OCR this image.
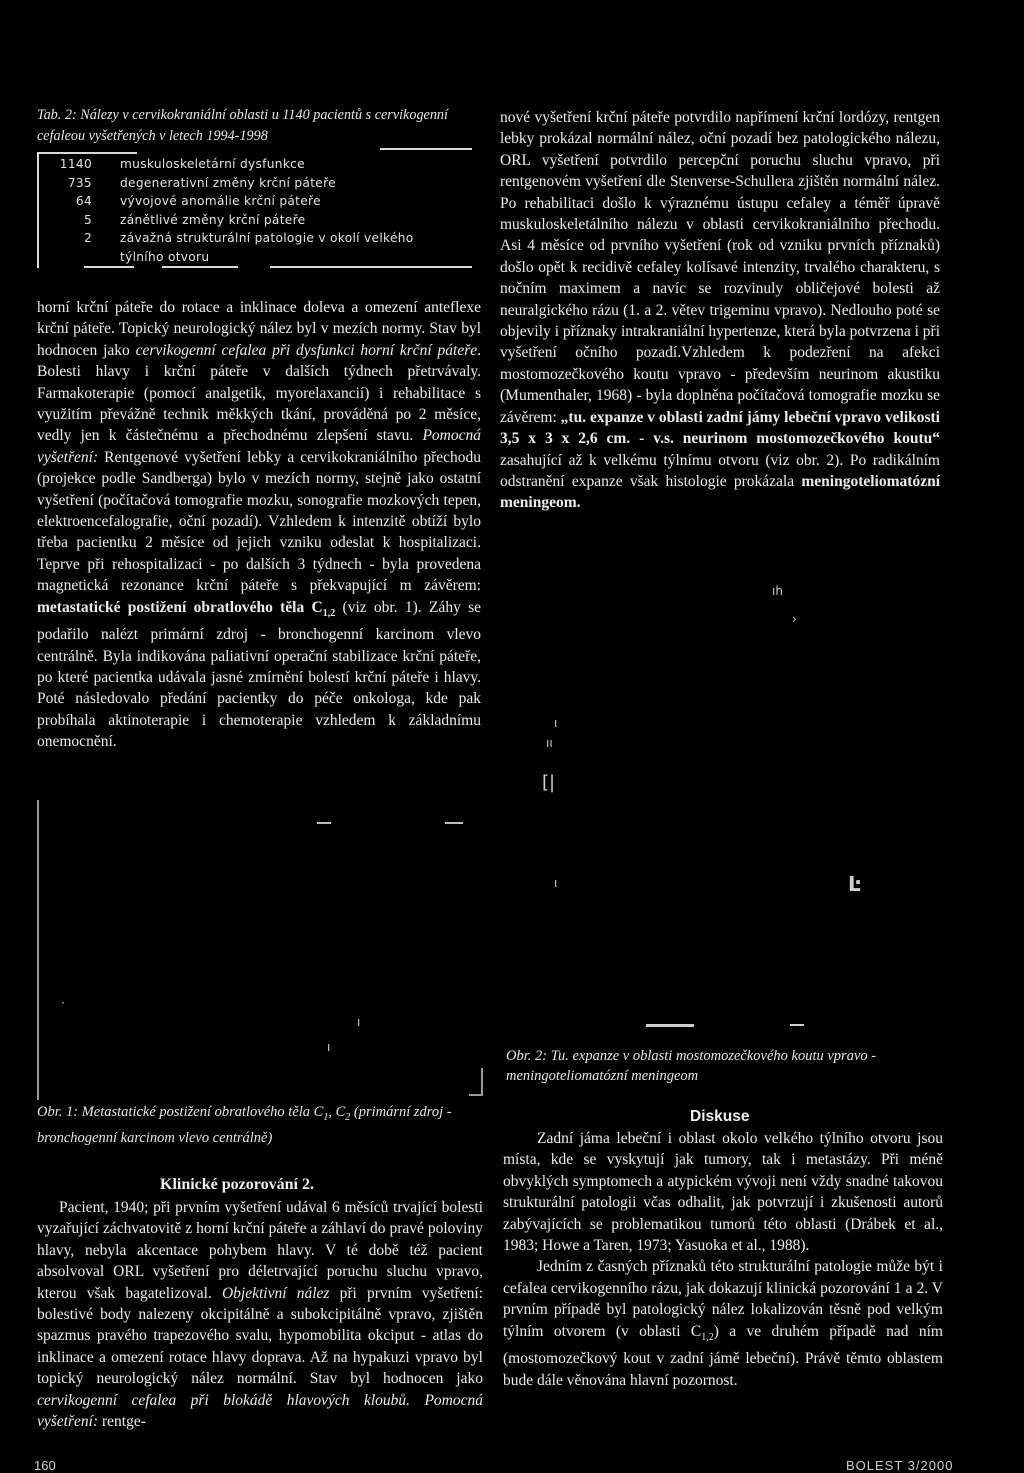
Tab. 2: Nálezy v cervikokraniální oblasti u 1140 pacientů s cervikogenní cefaleou vyšetřených v letech 1994-1998
1140	muskuloskeletární dysfunkce
735	degenerativní změny krční páteře
64	vývojové anomálie krční páteře
5	zánětlivé změny krční páteře
2	závažná strukturální patologie v okolí velkého
týlního otvoru

horní krční páteře do rotace a inklinace doleva a omezení anteflexe krční páteře. Topický neurologický nález byl v mezích normy. Stav byl hodnocen jako cervikogenní cefalea při dysfunkci horní krční páteře. Bolesti hlavy i krční páteře v dalších týdnech přetrvávaly. Farmakoterapie (pomocí analgetik, myorelaxancií) i rehabilitace s využitím převážně technik měkkých tkání, prováděná po 2 měsíce, vedly jen k částečnému a přechodnému zlepšení stavu. Pomocná vyšetření: Rentgenové vyšetření lebky a cervikokraniálního přechodu (projekce podle Sandberga) bylo v mezích normy, stejně jako ostatní vyšetření (počítačová tomografie mozku, sonografie mozkových tepen, elektroencefalografie, oční pozadí). Vzhledem k intenzitě obtíží bylo třeba pacientku 2 měsíce od jejich vzniku odeslat k hospitalizaci. Teprve při rehospitalizaci - po dalších 3 týdnech - byla provedena magnetická rezonance krční páteře s překvapující m závěrem: metastatické postižení obratlového těla $C_{1,2}$ (viz obr. 1). Záhy se podařilo nalézt primární zdroj - bronchogenní karcinom vlevo centrálně. Byla indikována paliativní operační stabilizace krční páteře, po které pacientka udávala jasné zmírnění bolestí krční páteře i hlavy. Poté následovalo předání pacientky do péče onkologa, kde pak probíhala aktinoterapie i chemoterapie vzhledem k základnímu onemocnění.

·
ı
ı
Obr. 1: Metastatické postižení obratlového těla $C_1$, $C_2$ (primární zdroj - bronchogenní karcinom vlevo centrálně)
Klinické pozorování 2.

Pacient, 1940; při prvním vyšetření udával 6 měsíců trvající bolesti vyzařující záchvatovitě z horní krční páteře a záhlaví do pravé poloviny hlavy, nebyla akcentace pohybem hlavy. V té době též pacient absolvoval ORL vyšetření pro déletrvající poruchu sluchu vpravo, kterou však bagatelizoval. Objektivní nález při prvním vyšetření: bolestivé body nalezeny okcipitálně a subokcipitálně vpravo, zjištěn spazmus pravého trapezového svalu, hypomobilita okciput - atlas do inklinace a omezení rotace hlavy doprava. Až na hypakuzi vpravo byl topický neurologický nález normální. Stav byl hodnocen jako cervikogenní cefalea při blokádě hlavových kloubů. Pomocná vyšetření: rentge-

nové vyšetření krční páteře potvrdilo napřímení krční lordózy, rentgen lebky prokázal normální nález, oční pozadí bez patologického nálezu, ORL vyšetření potvrdilo percepční poruchu sluchu vpravo, při rentgenovém vyšetření dle Stenverse-Schullera zjištěn normální nález. Po rehabilitaci došlo k výraznému ústupu cefaley a téměř úpravě muskuloskeletálního nálezu v oblasti cervikokraniálního přechodu. Asi 4 měsíce od prvního vyšetření (rok od vzniku prvních příznaků) došlo opět k recidivě cefaley kolísavé intenzity, trvalého charakteru, s nočním maximem a navíc se rozvinuly obličejové bolesti až neuralgického rázu (1. a 2. větev trigeminu vpravo). Nedlouho poté se objevily i příznaky intrakraniální hypertenze, která byla potvrzena i při vyšetření očního pozadí.Vzhledem k podezření na afekci mostomozečkového koutu vpravo - především neurinom akustiku (Mumenthaler, 1968) - byla doplněna počítačová tomografie mozku se závěrem: „tu. expanze v oblasti zadní jámy lebeční vpravo velikosti 3,5 x 3 x 2,6 cm. - v.s. neurinom mostomozečkového koutu“ zasahující až k velkému týlnímu otvoru (viz obr. 2). Po radikálním odstranění expanze však histologie prokázala meningoteliomatózní meningeom.

ıh
›
ı
ıı
[|
ı	Ŀ
Obr. 2: Tu. expanze v oblasti mostomozečkového koutu vpravo - meningoteliomatózní meningeom
Diskuse

Zadní jáma lebeční i oblast okolo velkého týlního otvoru jsou místa, kde se vyskytují jak tumory, tak i metastázy. Při méně obvyklých symptomech a atypickém vývoji není vždy snadné takovou strukturální patologii včas odhalit, jak potvrzují i zkušenosti autorů zabývajících se problematikou tumorů této oblasti (Drábek et al., 1983; Howe a Taren, 1973; Yasuoka et al., 1988).

Jedním z časných příznaků této strukturální patologie může být i cefalea cervikogenního rázu, jak dokazují klinická pozorování 1 a 2. V prvním případě byl patologický nález lokalizován těsně pod velkým týlním otvorem (v oblasti $C_{1,2}$) a ve druhém případě nad ním (mostomozečkový kout v zadní jámě lebeční). Právě těmto oblastem bude dále věnována hlavní pozornost.

160	BOLEST 3/2000
